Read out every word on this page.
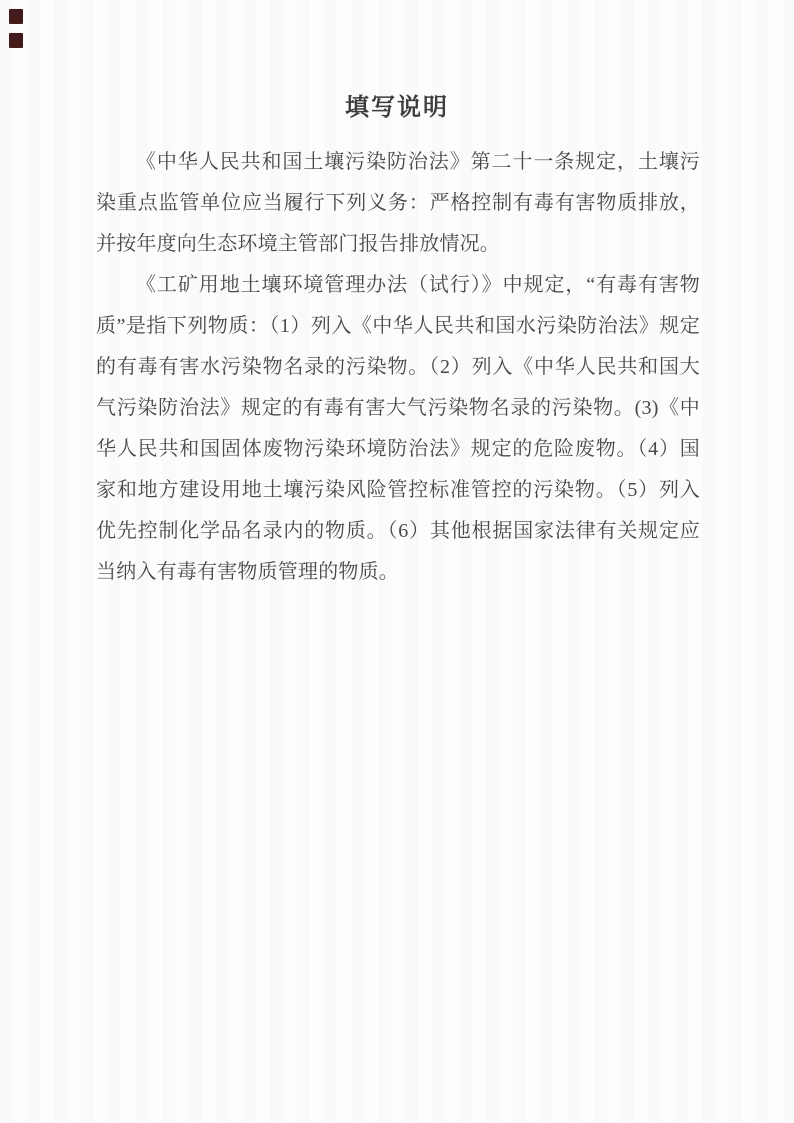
填写说明

《中华人民共和国土壤污染防治法》第二十一条规定，土壤污染重点监管单位应当履行下列义务：严格控制有毒有害物质排放，并按年度向生态环境主管部门报告排放情况。

《工矿用地土壤环境管理办法（试行）》中规定，“有毒有害物质”是指下列物质：（1）列入《中华人民共和国水污染防治法》规定的有毒有害水污染物名录的污染物。（2）列入《中华人民共和国大气污染防治法》规定的有毒有害大气污染物名录的污染物。(3)《中华人民共和国固体废物污染环境防治法》规定的危险废物。（4）国家和地方建设用地土壤污染风险管控标准管控的污染物。（5）列入优先控制化学品名录内的物质。（6）其他根据国家法律有关规定应当纳入有毒有害物质管理的物质。
